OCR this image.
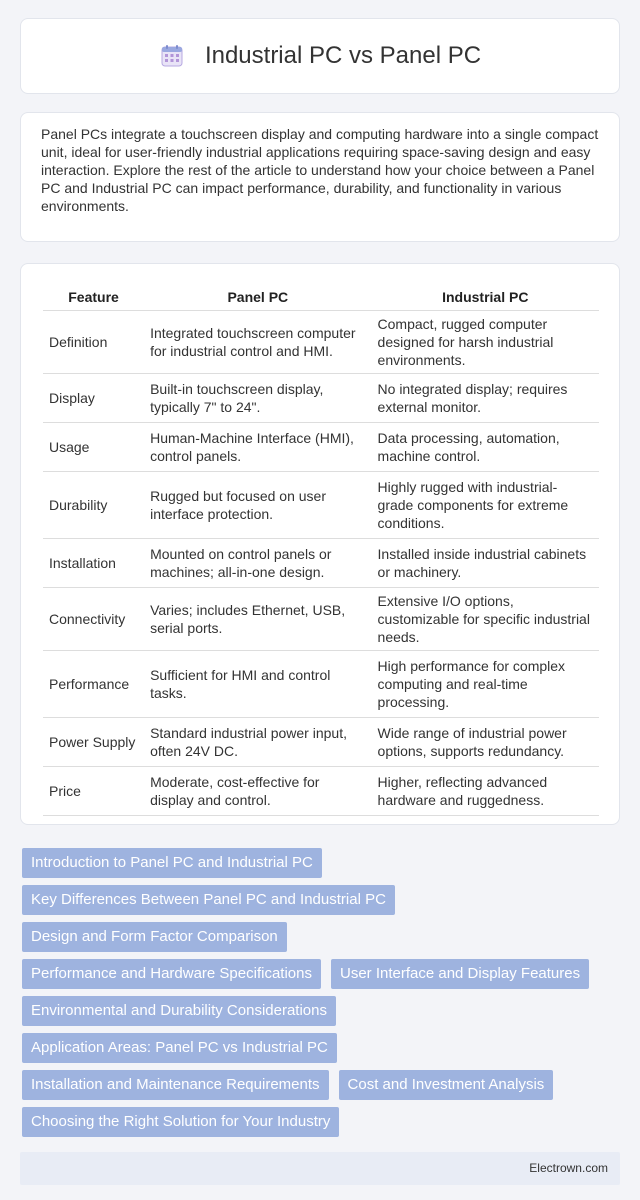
Industrial PC vs Panel PC

Panel PCs integrate a touchscreen display and computing hardware into a single compact unit, ideal for user-friendly industrial applications requiring space-saving design and easy interaction. Explore the rest of the article to understand how your choice between a Panel PC and Industrial PC can impact performance, durability, and functionality in various environments.

Feature	Panel PC	Industrial PC
Definition	Integrated touchscreen computer for industrial control and HMI.	Compact, rugged computer designed for harsh industrial environments.
Display	Built-in touchscreen display, typically 7" to 24".	No integrated display; requires external monitor.
Usage	Human-Machine Interface (HMI), control panels.	Data processing, automation, machine control.
Durability	Rugged but focused on user interface protection.	Highly rugged with industrial-grade components for extreme conditions.
Installation	Mounted on control panels or machines; all-in-one design.	Installed inside industrial cabinets or machinery.
Connectivity	Varies; includes Ethernet, USB, serial ports.	Extensive I/O options, customizable for specific industrial needs.
Performance	Sufficient for HMI and control tasks.	High performance for complex computing and real-time processing.
Power Supply	Standard industrial power input, often 24V DC.	Wide range of industrial power options, supports redundancy.
Price	Moderate, cost-effective for display and control.	Higher, reflecting advanced hardware and ruggedness.
Introduction to Panel PC and Industrial PC
Key Differences Between Panel PC and Industrial PC
Design and Form Factor Comparison
Performance and Hardware Specifications	User Interface and Display Features
Environmental and Durability Considerations
Application Areas: Panel PC vs Industrial PC
Installation and Maintenance Requirements	Cost and Investment Analysis
Choosing the Right Solution for Your Industry
Electrown.com
